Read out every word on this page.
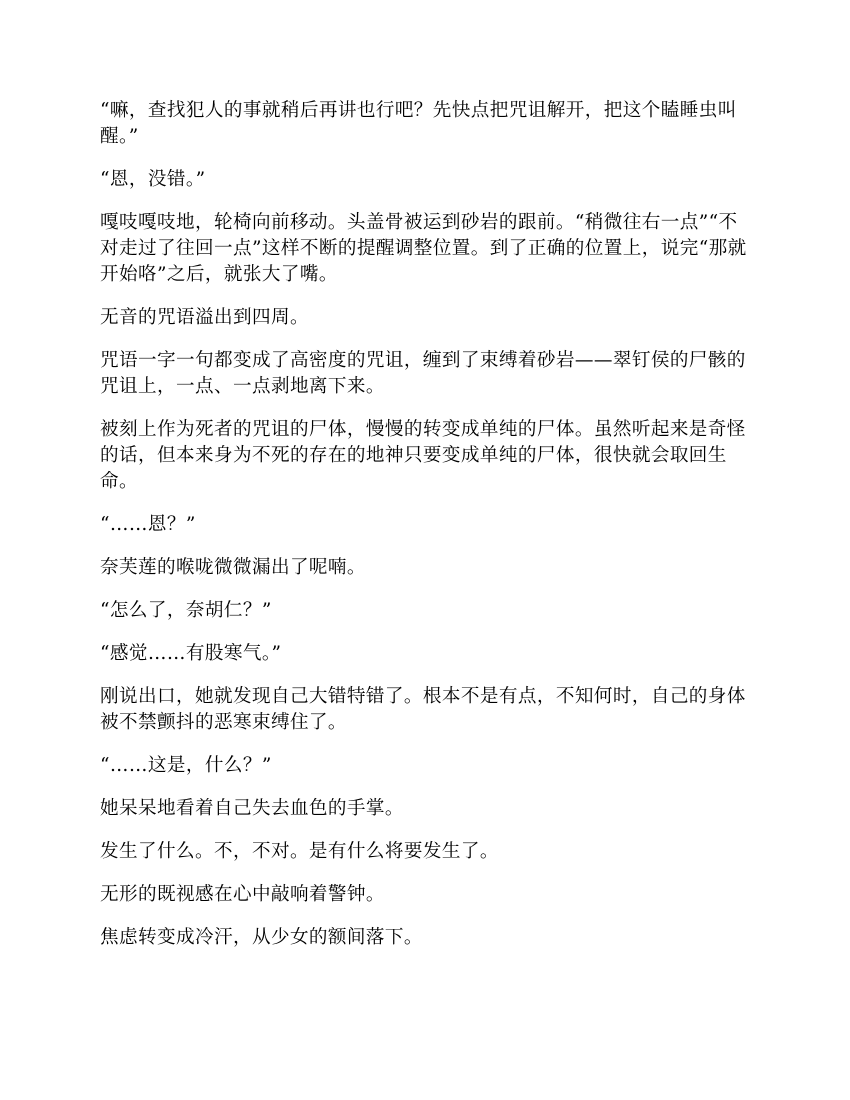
“嘛，查找犯人的事就稍后再讲也行吧？先快点把咒诅解开，把这个瞌睡虫叫醒。”

“恩，没错。”

嘎吱嘎吱地，轮椅向前移动。头盖骨被运到砂岩的跟前。“稍微往右一点”“不对走过了往回一点”这样不断的提醒调整位置。到了正确的位置上，说完“那就开始咯”之后，就张大了嘴。

无音的咒语溢出到四周。

咒语一字一句都变成了高密度的咒诅，缠到了束缚着砂岩——翠钉侯的尸骸的咒诅上，一点、一点剥地离下来。

被刻上作为死者的咒诅的尸体，慢慢的转变成单纯的尸体。虽然听起来是奇怪的话，但本来身为不死的存在的地神只要变成单纯的尸体，很快就会取回生命。

“……恩？”

奈芙莲的喉咙微微漏出了呢喃。

“怎么了，奈胡仁？”

“感觉……有股寒气。”

刚说出口，她就发现自己大错特错了。根本不是有点，不知何时，自己的身体被不禁颤抖的恶寒束缚住了。

“……这是，什么？”

她呆呆地看着自己失去血色的手掌。

发生了什么。不，不对。是有什么将要发生了。

无形的既视感在心中敲响着警钟。

焦虑转变成冷汗，从少女的额间落下。
